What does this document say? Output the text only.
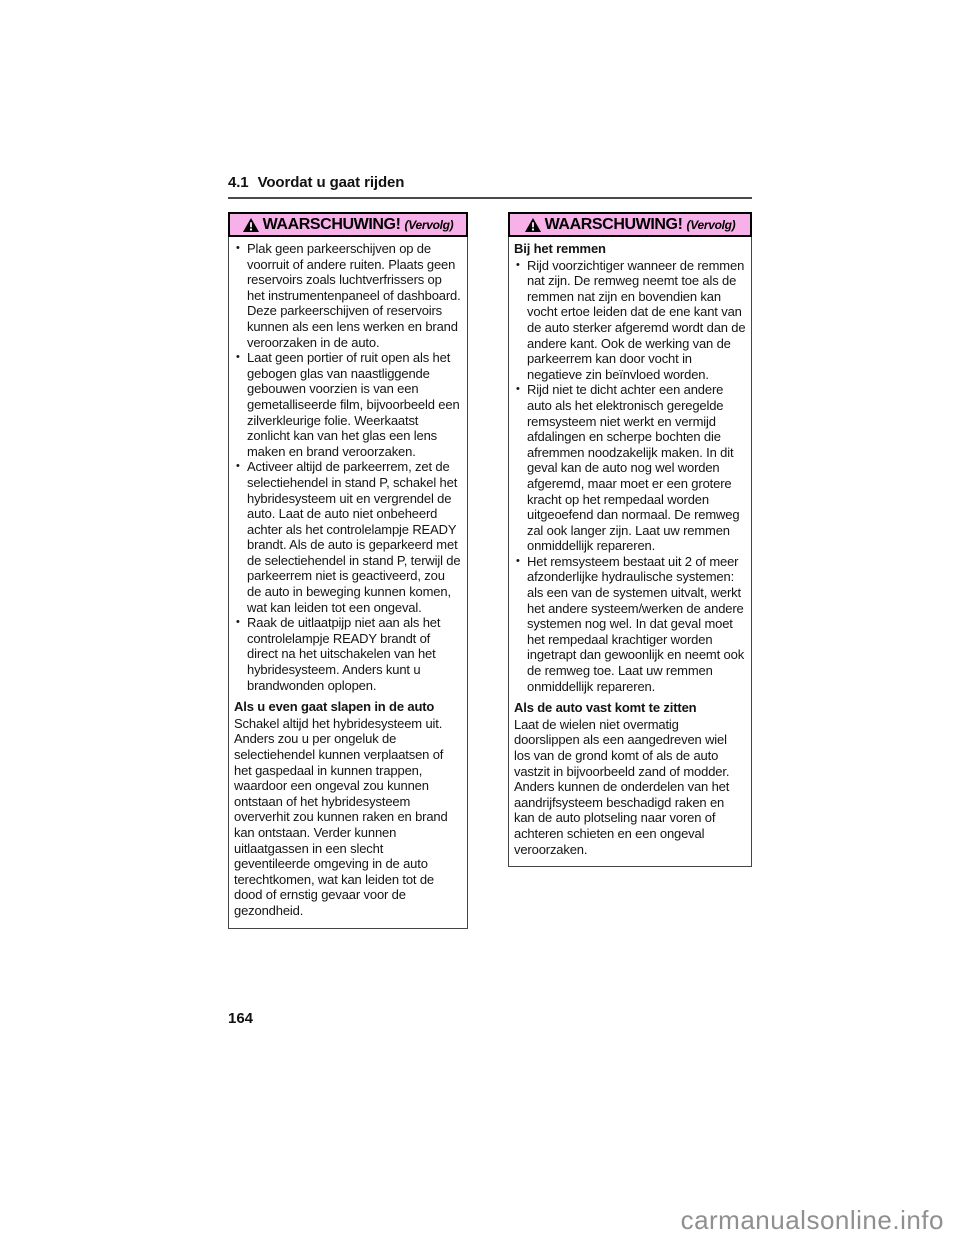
4.1 Voordat u gaat rijden
WAARSCHUWING! (Vervolg)
• Plak geen parkeerschijven op de voorruit of andere ruiten. Plaats geen reservoirs zoals luchtverfrissers op het instrumentenpaneel of dashboard. Deze parkeerschijven of reservoirs kunnen als een lens werken en brand veroorzaken in de auto.
• Laat geen portier of ruit open als het gebogen glas van naastliggende gebouwen voorzien is van een gemetalliseerde film, bijvoorbeeld een zilverkleurige folie. Weerkaatst zonlicht kan van het glas een lens maken en brand veroorzaken.
• Activeer altijd de parkeerrem, zet de selectiehendel in stand P, schakel het hybridesysteem uit en vergrendel de auto. Laat de auto niet onbeheerd achter als het controlelampje READY brandt. Als de auto is geparkeerd met de selectiehendel in stand P, terwijl de parkeerrem niet is geactiveerd, zou de auto in beweging kunnen komen, wat kan leiden tot een ongeval.
• Raak de uitlaatpijp niet aan als het controlelampje READY brandt of direct na het uitschakelen van het hybridesysteem. Anders kunt u brandwonden oplopen.
Als u even gaat slapen in de auto

Schakel altijd het hybridesysteem uit. Anders zou u per ongeluk de selectiehendel kunnen verplaatsen of het gaspedaal in kunnen trappen, waardoor een ongeval zou kunnen ontstaan of het hybridesysteem oververhit zou kunnen raken en brand kan ontstaan. Verder kunnen uitlaatgassen in een slecht geventileerde omgeving in de auto terechtkomen, wat kan leiden tot de dood of ernstig gevaar voor de gezondheid.

WAARSCHUWING! (Vervolg)
Bij het remmen
• Rijd voorzichtiger wanneer de remmen nat zijn. De remweg neemt toe als de remmen nat zijn en bovendien kan vocht ertoe leiden dat de ene kant van de auto sterker afgeremd wordt dan de andere kant. Ook de werking van de parkeerrem kan door vocht in negatieve zin beïnvloed worden.
• Rijd niet te dicht achter een andere auto als het elektronisch geregelde remsysteem niet werkt en vermijd afdalingen en scherpe bochten die afremmen noodzakelijk maken. In dit geval kan de auto nog wel worden afgeremd, maar moet er een grotere kracht op het rempedaal worden uitgeoefend dan normaal. De remweg zal ook langer zijn. Laat uw remmen onmiddellijk repareren.
• Het remsysteem bestaat uit 2 of meer afzonderlijke hydraulische systemen: als een van de systemen uitvalt, werkt het andere systeem/werken de andere systemen nog wel. In dat geval moet het rempedaal krachtiger worden ingetrapt dan gewoonlijk en neemt ook de remweg toe. Laat uw remmen onmiddellijk repareren.
Als de auto vast komt te zitten

Laat de wielen niet overmatig doorslippen als een aangedreven wiel los van de grond komt of als de auto vastzit in bijvoorbeeld zand of modder. Anders kunnen de onderdelen van het aandrijfsysteem beschadigd raken en kan de auto plotseling naar voren of achteren schieten en een ongeval veroorzaken.

164
carmanualsonline.info
